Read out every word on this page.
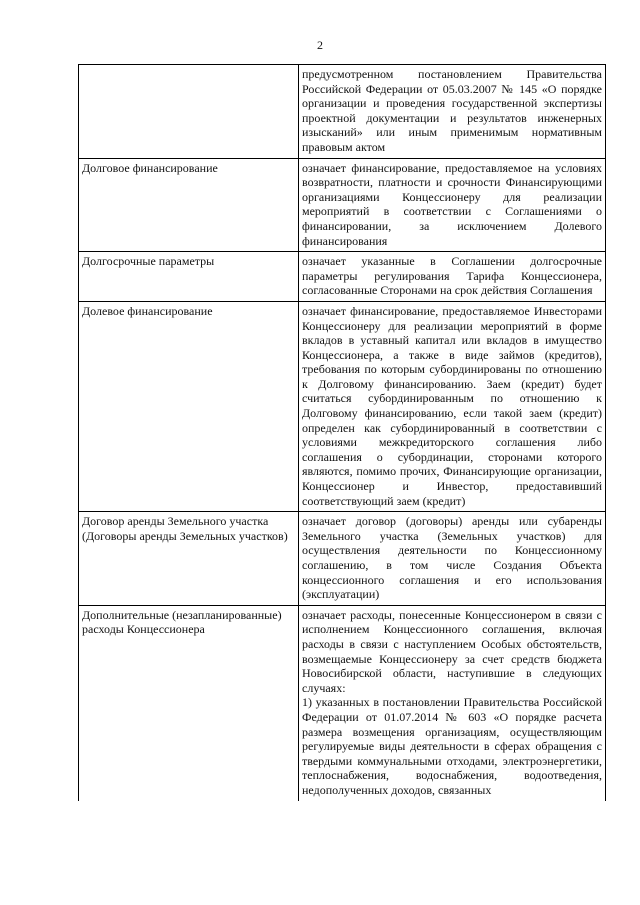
2

	предусмотренном постановлением Правительства Российской Федерации от 05.03.2007 № 145 «О порядке организации и проведения государственной экспертизы проектной документации и результатов инженерных изысканий» или иным применимым нормативным правовым актом

Долговое финансирование	означает финансирование, предоставляемое на условиях возвратности, платности и срочности Финансирующими организациями Концессионеру для реализации мероприятий в соответствии с Соглашениями о финансировании, за исключением Долевого финансирования

Долгосрочные параметры	означает указанные в Соглашении долгосрочные параметры регулирования Тарифа Концессионера, согласованные Сторонами на срок действия Соглашения

Долевое финансирование	означает финансирование, предоставляемое Инвесторами Концессионеру для реализации мероприятий в форме вкладов в уставный капитал или вкладов в имущество Концессионера, а также в виде займов (кредитов), требования по которым субординированы по отношению к Долговому финансированию. Заем (кредит) будет считаться субординированным по отношению к Долговому финансированию, если такой заем (кредит) определен как субординированный в соответствии с условиями межкредиторского соглашения либо соглашения о субординации, сторонами которого являются, помимо прочих, Финансирующие организации, Концессионер и Инвестор, предоставивший соответствующий заем (кредит)

Договор аренды Земельного участка (Договоры аренды Земельных участков)	означает договор (договоры) аренды или субаренды Земельного участка (Земельных участков) для осуществления деятельности по Концессионному соглашению, в том числе Создания Объекта концессионного соглашения и его использования (эксплуатации)

Дополнительные (незапланированные) расходы Концессионера	означает расходы, понесенные Концессионером в связи с исполнением Концессионного соглашения, включая расходы в связи с наступлением Особых обстоятельств, возмещаемые Концессионеру за счет средств бюджета Новосибирской области, наступившие в следующих случаях:
1) указанных в постановлении Правительства Российской Федерации от 01.07.2014 № 603 «О порядке расчета размера возмещения организациям, осуществляющим регулируемые виды деятельности в сферах обращения с твердыми коммунальными отходами, электроэнергетики, теплоснабжения, водоснабжения, водоотведения, недополученных доходов, связанных
